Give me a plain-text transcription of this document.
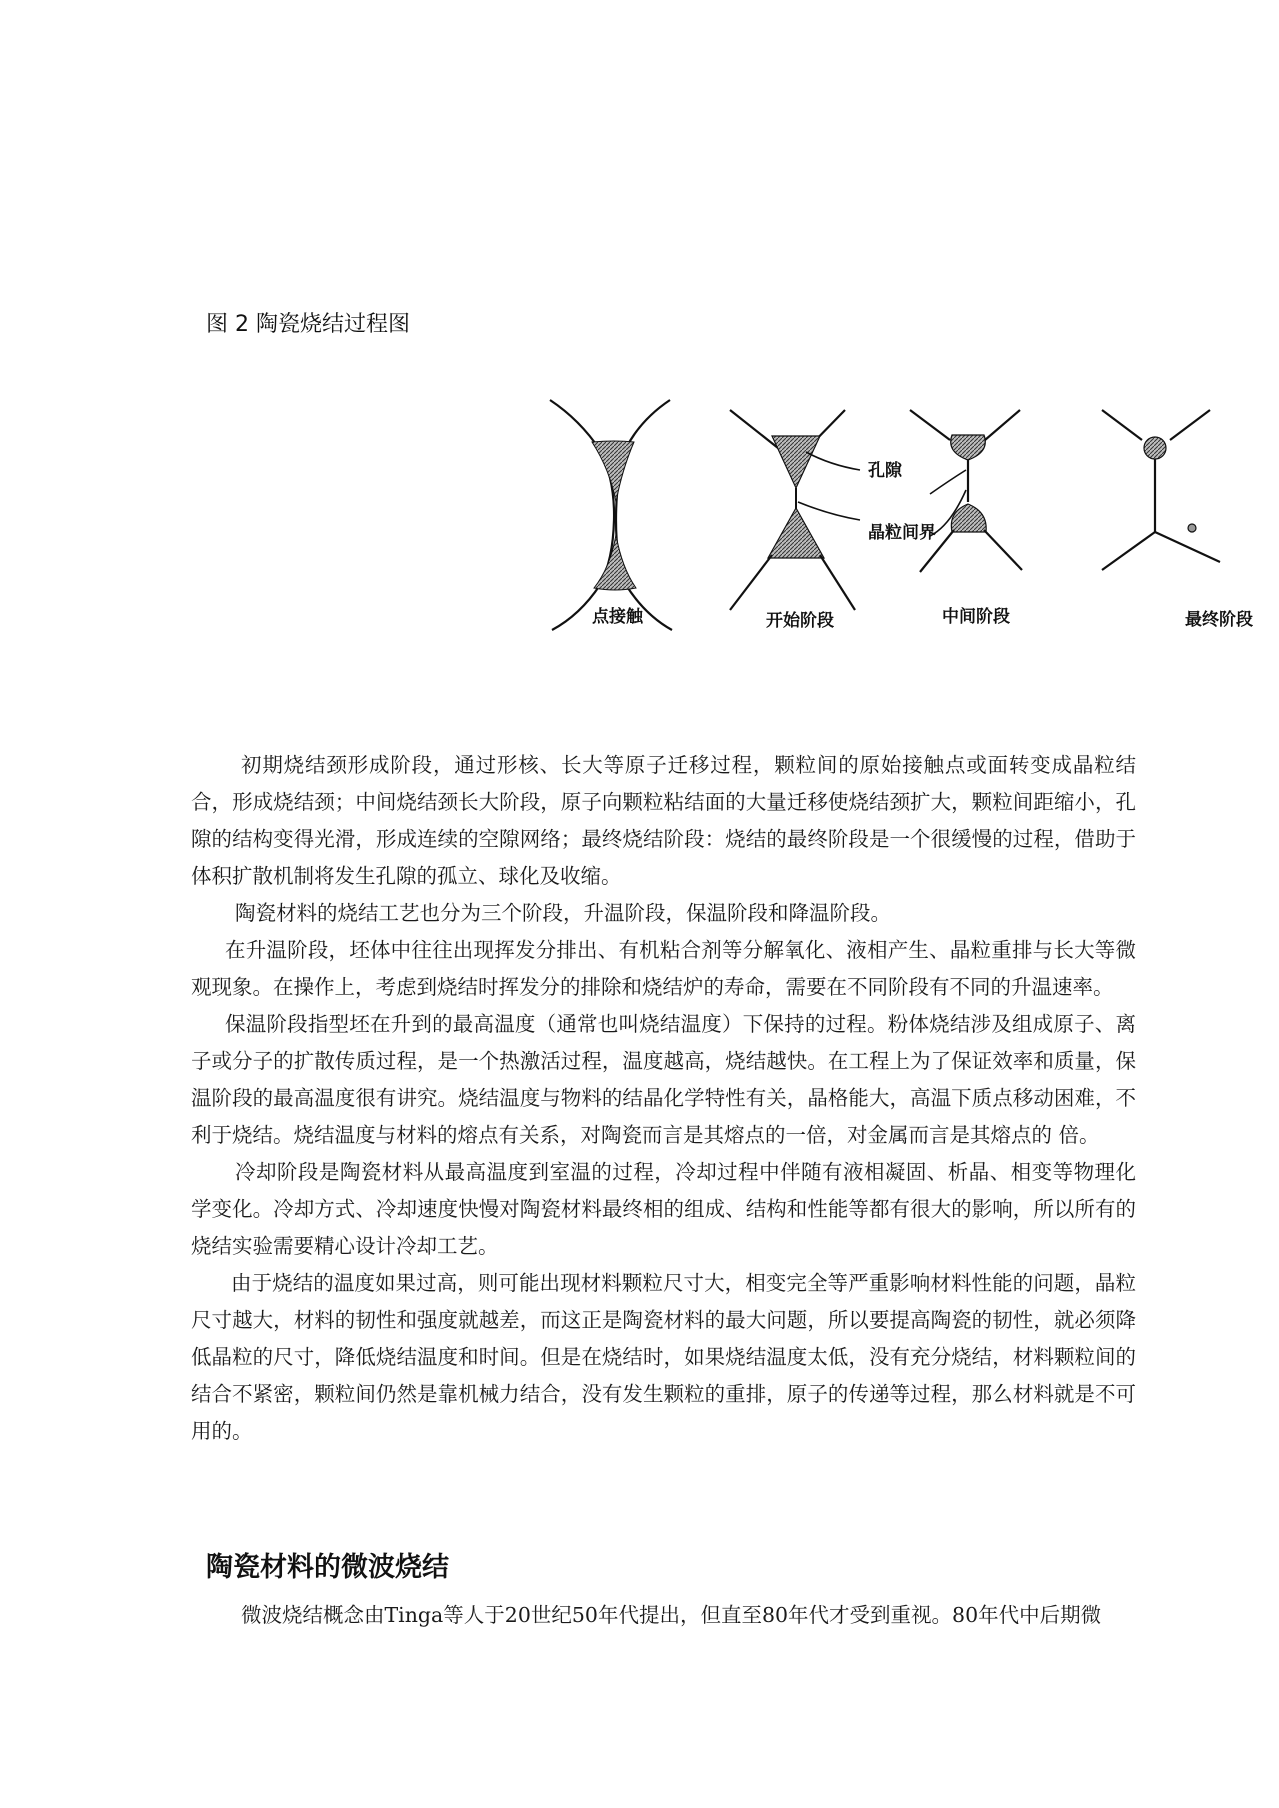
图 2 陶瓷烧结过程图
孔隙
晶粒间界
点接触	开始阶段	中间阶段	最终阶段

初期烧结颈形成阶段，通过形核、长大等原子迁移过程，颗粒间的原始接触点或面转变成晶粒结合，形成烧结颈；中间烧结颈长大阶段，原子向颗粒粘结面的大量迁移使烧结颈扩大，颗粒间距缩小，孔隙的结构变得光滑，形成连续的空隙网络；最终烧结阶段：烧结的最终阶段是一个很缓慢的过程，借助于体积扩散机制将发生孔隙的孤立、球化及收缩。

陶瓷材料的烧结工艺也分为三个阶段，升温阶段，保温阶段和降温阶段。

在升温阶段，坯体中往往出现挥发分排出、有机粘合剂等分解氧化、液相产生、晶粒重排与长大等微观现象。在操作上，考虑到烧结时挥发分的排除和烧结炉的寿命，需要在不同阶段有不同的升温速率。

保温阶段指型坯在升到的最高温度（通常也叫烧结温度）下保持的过程。粉体烧结涉及组成原子、离子或分子的扩散传质过程，是一个热激活过程，温度越高，烧结越快。在工程上为了保证效率和质量，保温阶段的最高温度很有讲究。烧结温度与物料的结晶化学特性有关，晶格能大，高温下质点移动困难，不利于烧结。烧结温度与材料的熔点有关系，对陶瓷而言是其熔点的一倍，对金属而言是其熔点的 倍。

冷却阶段是陶瓷材料从最高温度到室温的过程，冷却过程中伴随有液相凝固、析晶、相变等物理化学变化。冷却方式、冷却速度快慢对陶瓷材料最终相的组成、结构和性能等都有很大的影响，所以所有的烧结实验需要精心设计冷却工艺。

由于烧结的温度如果过高，则可能出现材料颗粒尺寸大，相变完全等严重影响材料性能的问题，晶粒尺寸越大，材料的韧性和强度就越差，而这正是陶瓷材料的最大问题，所以要提高陶瓷的韧性，就必须降低晶粒的尺寸，降低烧结温度和时间。但是在烧结时，如果烧结温度太低，没有充分烧结，材料颗粒间的结合不紧密，颗粒间仍然是靠机械力结合，没有发生颗粒的重排，原子的传递等过程，那么材料就是不可用的。

陶瓷材料的微波烧结
微波烧结概念由Tinga等人于20世纪50年代提出，但直至80年代才受到重视。80年代中后期微
